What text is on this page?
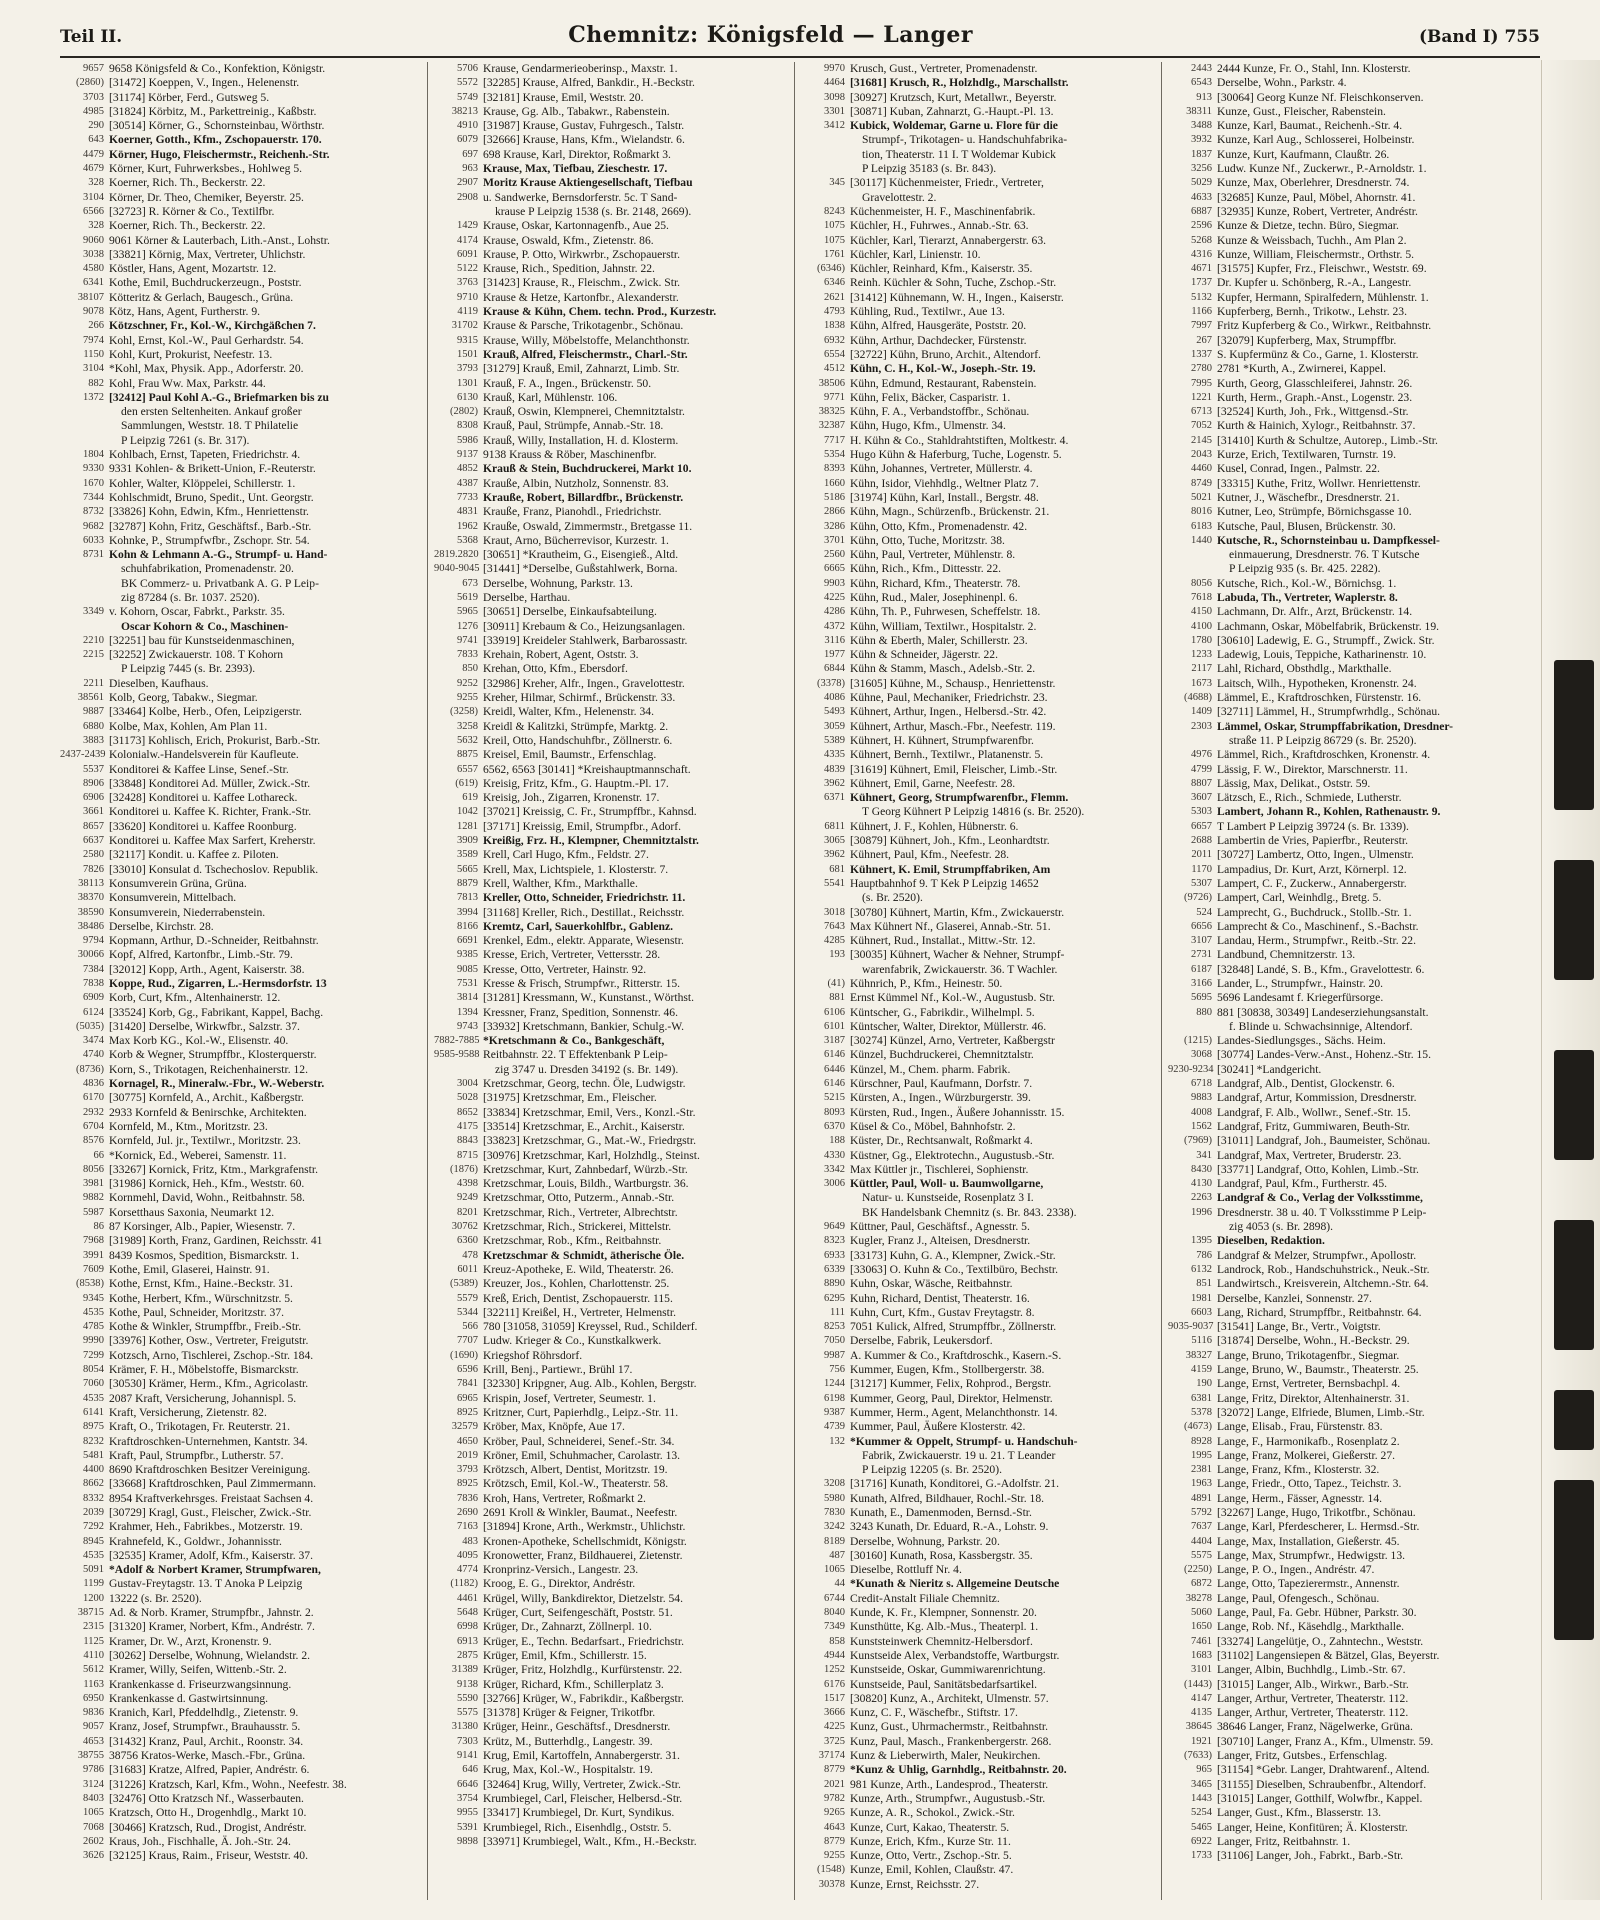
Teil II.	Chemnitz: Königsfeld — Langer	(Band I) 755
9657 9658 Königsfeld & Co., Konfektion, Königstr.
(2860) [31472] Koeppen, V., Ingen., Helenenstr.
3703 [31174] Körber, Ferd., Gutsweg 5.
4985 [31824] Körbitz, M., Parkettreinig., Kaßbstr.
290 [30514] Körner, G., Schornsteinbau, Wörthstr.
643 Koerner, Gotth., Kfm., Zschopauerstr. 170.
4479 Körner, Hugo, Fleischermstr., Reichenh.-Str.
4679 Körner, Kurt, Fuhrwerksbes., Hohlweg 5.
328 Koerner, Rich. Th., Beckerstr. 22.
3104 Körner, Dr. Theo, Chemiker, Beyerstr. 25.
6566 [32723] R. Körner & Co., Textilfbr.
328 Koerner, Rich. Th., Beckerstr. 22.
9060 9061 Körner & Lauterbach, Lith.-Anst., Lohstr.
3038 [33821] Körnig, Max, Vertreter, Uhlichstr.
4580 Köstler, Hans, Agent, Mozartstr. 12.
6341 Kothe, Emil, Buchdruckerzeugn., Poststr.
38107 Kötteritz & Gerlach, Baugesch., Grüna.
9078 Kötz, Hans, Agent, Furtherstr. 9.
266 Kötzschner, Fr., Kol.-W., Kirchgäßchen 7.
7974 Kohl, Ernst, Kol.-W., Paul Gerhardstr. 54.
1150 Kohl, Kurt, Prokurist, Neefestr. 13.
3104 *Kohl, Max, Physik. App., Adorferstr. 20.
882 Kohl, Frau Ww. Max, Parkstr. 44.
1372 [32412] Paul Kohl A.-G., Briefmarken bis zu
den ersten Seltenheiten. Ankauf großer
Sammlungen, Weststr. 18. T Philatelie
P Leipzig 7261 (s. Br. 317).
1804 Kohlbach, Ernst, Tapeten, Friedrichstr. 4.
9330 9331 Kohlen- & Brikett-Union, F.-Reuterstr.
1670 Kohler, Walter, Klöppelei, Schillerstr. 1.
7344 Kohlschmidt, Bruno, Spedit., Unt. Georgstr.
8732 [33826] Kohn, Edwin, Kfm., Henriettenstr.
9682 [32787] Kohn, Fritz, Geschäftsf., Barb.-Str.
6033 Kohnke, P., Strumpfwfbr., Zschopr. Str. 54.
8731 Kohn & Lehmann A.-G., Strumpf- u. Hand-
schuhfabrikation, Promenadenstr. 20.
BK Commerz- u. Privatbank A. G. P Leip-
zig 87284 (s. Br. 1037. 2520).
3349 v. Kohorn, Oscar, Fabrkt., Parkstr. 35.
Oscar Kohorn & Co., Maschinen-
2210 [32251] bau für Kunstseidenmaschinen,
2215 [32252] Zwickauerstr. 108. T Kohorn
P Leipzig 7445 (s. Br. 2393).
2211 Dieselben, Kaufhaus.
38561 Kolb, Georg, Tabakw., Siegmar.
9887 [33464] Kolbe, Herb., Ofen, Leipzigerstr.
6880 Kolbe, Max, Kohlen, Am Plan 11.
3883 [31173] Kohlisch, Erich, Prokurist, Barb.-Str.
2437-2439 Kolonialw.-Handelsverein für Kaufleute.
5537 Konditorei & Kaffee Linse, Senef.-Str.
8906 [33848] Konditorei Ad. Müller, Zwick.-Str.
6906 [32428] Konditorei u. Kaffee Lothareck.
3661 Konditorei u. Kaffee K. Richter, Frank.-Str.
8657 [33620] Konditorei u. Kaffee Roonburg.
6637 Konditorei u. Kaffee Max Sarfert, Kreherstr.
2580 [32117] Kondit. u. Kaffee z. Piloten.
7826 [33010] Konsulat d. Tschechoslov. Republik.
38113 Konsumverein Grüna, Grüna.
38370 Konsumverein, Mittelbach.
38590 Konsumverein, Niederrabenstein.
38486 Derselbe, Kirchstr. 28.
9794 Kopmann, Arthur, D.-Schneider, Reitbahnstr.
30066 Kopf, Alfred, Kartonfbr., Limb.-Str. 79.
7384 [32012] Kopp, Arth., Agent, Kaiserstr. 38.
7838 Koppe, Rud., Zigarren, L.-Hermsdorfstr. 13
6909 Korb, Curt, Kfm., Altenhainerstr. 12.
6124 [33524] Korb, Gg., Fabrikant, Kappel, Bachg.
(5035) [31420] Derselbe, Wirkwfbr., Salzstr. 37.
3474 Max Korb KG., Kol.-W., Elisenstr. 40.
4740 Korb & Wegner, Strumpffbr., Klosterquerstr.
(8736) Korn, S., Trikotagen, Reichenhainerstr. 12.
4836 Kornagel, R., Mineralw.-Fbr., W.-Weberstr.
6170 [30775] Kornfeld, A., Archit., Kaßbergstr.
2932 2933 Kornfeld & Benirschke, Architekten.
6704 Kornfeld, M., Ktm., Moritzstr. 23.
8576 Kornfeld, Jul. jr., Textilwr., Moritzstr. 23.
66 *Kornick, Ed., Weberei, Samenstr. 11.
8056 [33267] Kornick, Fritz, Ktm., Markgrafenstr.
3981 [31986] Kornick, Heh., Kfm., Weststr. 60.
9882 Kornmehl, David, Wohn., Reitbahnstr. 58.
5987 Korsetthaus Saxonia, Neumarkt 12.
86 87 Korsinger, Alb., Papier, Wiesenstr. 7.
7968 [31989] Korth, Franz, Gardinen, Reichsstr. 41
3991 8439 Kosmos, Spedition, Bismarckstr. 1.
7609 Kothe, Emil, Glaserei, Hainstr. 91.
(8538) Kothe, Ernst, Kfm., Haine.-Beckstr. 31.
9345 Kothe, Herbert, Kfm., Würschnitzstr. 5.
4535 Kothe, Paul, Schneider, Moritzstr. 37.
4785 Kothe & Winkler, Strumpffbr., Freib.-Str.
9990 [33976] Kother, Osw., Vertreter, Freigutstr.
7299 Kotzsch, Arno, Tischlerei, Zschop.-Str. 184.
8054 Krämer, F. H., Möbelstoffe, Bismarckstr.
7060 [30530] Krämer, Herm., Kfm., Agricolastr.
4535 2087 Kraft, Versicherung, Johannispl. 5.
6141 Kraft, Versicherung, Zietenstr. 82.
8975 Kraft, O., Trikotagen, Fr. Reuterstr. 21.
8232 Kraftdroschken-Unternehmen, Kantstr. 34.
5481 Kraft, Paul, Strumpfbr., Lutherstr. 57.
4400 8690 Kraftdroschken Besitzer Vereinigung.
8662 [33668] Kraftdroschken, Paul Zimmermann.
8332 8954 Kraftverkehrsges. Freistaat Sachsen 4.
2039 [30729] Kragl, Gust., Fleischer, Zwick.-Str.
7292 Krahmer, Heh., Fabrikbes., Motzerstr. 19.
8945 Krahnefeld, K., Goldwr., Johannisstr.
4535 [32535] Kramer, Adolf, Kfm., Kaiserstr. 37.
5091 *Adolf & Norbert Kramer, Strumpfwaren,
1199 Gustav-Freytagstr. 13. T Anoka P Leipzig
1200 13222 (s. Br. 2520).
38715 Ad. & Norb. Kramer, Strumpfbr., Jahnstr. 2.
2315 [31320] Kramer, Norbert, Kfm., Andréstr. 7.
1125 Kramer, Dr. W., Arzt, Kronenstr. 9.
4110 [30262] Derselbe, Wohnung, Wielandstr. 2.
5612 Kramer, Willy, Seifen, Wittenb.-Str. 2.
1163 Krankenkasse d. Friseurzwangsinnung.
6950 Krankenkasse d. Gastwirtsinnung.
9836 Kranich, Karl, Pfeddelhdlg., Zietenstr. 9.
9057 Kranz, Josef, Strumpfwr., Brauhausstr. 5.
4653 [31432] Kranz, Paul, Archit., Roonstr. 34.
38755 38756 Kratos-Werke, Masch.-Fbr., Grüna.
9786 [31683] Kratze, Alfred, Papier, Andréstr. 6.
3124 [31226] Kratzsch, Karl, Kfm., Wohn., Neefestr. 38.
8403 [32476] Otto Kratzsch Nf., Wasserbauten.
1065 Kratzsch, Otto H., Drogenhdlg., Markt 10.
7068 [30466] Kratzsch, Rud., Drogist, Andréstr.
2602 Kraus, Joh., Fischhalle, Ä. Joh.-Str. 24.
3626 [32125] Kraus, Raim., Friseur, Weststr. 40.
5706 Krause, Gendarmerieoberinsp., Maxstr. 1.
5572 [32285] Krause, Alfred, Bankdir., H.-Beckstr.
5749 [32181] Krause, Emil, Weststr. 20.
38213 Krause, Gg. Alb., Tabakwr., Rabenstein.
4910 [31987] Krause, Gustav, Fuhrgesch., Talstr.
6079 [32666] Krause, Hans, Kfm., Wielandstr. 6.
697 698 Krause, Karl, Direktor, Roßmarkt 3.
963 Krause, Max, Tiefbau, Zieschestr. 17.
2907 Moritz Krause Aktiengesellschaft, Tiefbau
2908 u. Sandwerke, Bernsdorferstr. 5c. T Sand-
krause P Leipzig 1538 (s. Br. 2148, 2669).
1429 Krause, Oskar, Kartonnagenfb., Aue 25.
4174 Krause, Oswald, Kfm., Zietenstr. 86.
6091 Krause, P. Otto, Wirkwrbr., Zschopauerstr.
5122 Krause, Rich., Spedition, Jahnstr. 22.
3763 [31423] Krause, R., Fleischm., Zwick. Str.
9710 Krause & Hetze, Kartonfbr., Alexanderstr.
4119 Krause & Kühn, Chem. techn. Prod., Kurzestr.
31702 Krause & Parsche, Trikotagenbr., Schönau.
9315 Krause, Willy, Möbelstoffe, Melanchthonstr.
1501 Krauß, Alfred, Fleischermstr., Charl.-Str.
3793 [31279] Krauß, Emil, Zahnarzt, Limb. Str.
1301 Krauß, F. A., Ingen., Brückenstr. 50.
6130 Krauß, Karl, Mühlenstr. 106.
(2802) Krauß, Oswin, Klempnerei, Chemnitztalstr.
8308 Krauß, Paul, Strümpfe, Annab.-Str. 18.
5986 Krauß, Willy, Installation, H. d. Klosterm.
9137 9138 Krauss & Röber, Maschinenfbr.
4852 Krauß & Stein, Buchdruckerei, Markt 10.
4387 Krauße, Albin, Nutzholz, Sonnenstr. 83.
7733 Krauße, Robert, Billardfbr., Brückenstr.
4831 Krauße, Franz, Pianohdl., Friedrichstr.
1962 Krauße, Oswald, Zimmermstr., Bretgasse 11.
5368 Kraut, Arno, Bücherrevisor, Kurzestr. 1.
2819.2820 [30651] *Krautheim, G., Eisengieß., Altd.
9040-9045 [31441] *Derselbe, Gußstahlwerk, Borna.
673 Derselbe, Wohnung, Parkstr. 13.
5619 Derselbe, Harthau.
5965 [30651] Derselbe, Einkaufsabteilung.
1276 [30911] Krebaum & Co., Heizungsanlagen.
9741 [33919] Kreideler Stahlwerk, Barbarossastr.
7833 Krehain, Robert, Agent, Oststr. 3.
850 Krehan, Otto, Kfm., Ebersdorf.
9252 [32986] Kreher, Alfr., Ingen., Gravelottestr.
9255 Kreher, Hilmar, Schirmf., Brückenstr. 33.
(3258) Kreidl, Walter, Kfm., Helenenstr. 34.
3258 Kreidl & Kalitzki, Strümpfe, Marktg. 2.
5632 Kreil, Otto, Handschuhfbr., Zöllnerstr. 6.
8875 Kreisel, Emil, Baumstr., Erfenschlag.
6557 6562, 6563 [30141] *Kreishauptmannschaft.
(619) Kreisig, Fritz, Kfm., G. Hauptm.-Pl. 17.
619 Kreisig, Joh., Zigarren, Kronenstr. 17.
1042 [37021] Kreissig, C. Fr., Strumpffbr., Kahnsd.
1281 [37171] Kreissig, Emil, Strumpfbr., Adorf.
3909 Kreißig, Frz. H., Klempner, Chemnitztalstr.
3589 Krell, Carl Hugo, Kfm., Feldstr. 27.
5665 Krell, Max, Lichtspiele, 1. Klosterstr. 7.
8879 Krell, Walther, Kfm., Markthalle.
7813 Kreller, Otto, Schneider, Friedrichstr. 11.
3994 [31168] Kreller, Rich., Destillat., Reichsstr.
8166 Kremtz, Carl, Sauerkohlfbr., Gablenz.
6691 Krenkel, Edm., elektr. Apparate, Wiesenstr.
9385 Kresse, Erich, Vertreter, Vettersstr. 28.
9085 Kresse, Otto, Vertreter, Hainstr. 92.
7531 Kresse & Frisch, Strumpfwr., Ritterstr. 15.
3814 [31281] Kressmann, W., Kunstanst., Wörthst.
1394 Kressner, Franz, Spedition, Sonnenstr. 46.
9743 [33932] Kretschmann, Bankier, Schulg.-W.
7882-7885 *Kretschmann & Co., Bankgeschäft,
9585-9588 Reitbahnstr. 22. T Effektenbank P Leip-
zig 3747 u. Dresden 34192 (s. Br. 149).
3004 Kretzschmar, Georg, techn. Öle, Ludwigstr.
5028 [31975] Kretzschmar, Em., Fleischer.
8652 [33834] Kretzschmar, Emil, Vers., Konzl.-Str.
4175 [33514] Kretzschmar, E., Archit., Kaiserstr.
8843 [33823] Kretzschmar, G., Mat.-W., Friedrgstr.
8715 [30976] Kretzschmar, Karl, Holzhdlg., Steinst.
(1876) Kretzschmar, Kurt, Zahnbedarf, Würzb.-Str.
4398 Kretzschmar, Louis, Bildh., Wartburgstr. 36.
9249 Kretzschmar, Otto, Putzerm., Annab.-Str.
8201 Kretzschmar, Rich., Vertreter, Albrechtstr.
30762 Kretzschmar, Rich., Strickerei, Mittelstr.
6360 Kretzschmar, Rob., Kfm., Reitbahnstr.
478 Kretzschmar & Schmidt, ätherische Öle.
6011 Kreuz-Apotheke, E. Wild, Theaterstr. 26.
(5389) Kreuzer, Jos., Kohlen, Charlottenstr. 25.
5579 Kreß, Erich, Dentist, Zschopauerstr. 115.
5344 [32211] Kreißel, H., Vertreter, Helmenstr.
566 780 [31058, 31059] Kreyssel, Rud., Schilderf.
7707 Ludw. Krieger & Co., Kunstkalkwerk.
(1690) Kriegshof Röhrsdorf.
6596 Krill, Benj., Partiewr., Brühl 17.
7841 [32330] Kripgner, Aug. Alb., Kohlen, Bergstr.
6965 Krispin, Josef, Vertreter, Seumestr. 1.
8925 Kritzner, Curt, Papierhdlg., Leipz.-Str. 11.
32579 Kröber, Max, Knöpfe, Aue 17.
4650 Kröber, Paul, Schneiderei, Senef.-Str. 34.
2019 Kröner, Emil, Schuhmacher, Carolastr. 13.
3793 Krötzsch, Albert, Dentist, Moritzstr. 19.
8925 Krötzsch, Emil, Kol.-W., Theaterstr. 58.
7836 Kroh, Hans, Vertreter, Roßmarkt 2.
2690 2691 Kroll & Winkler, Baumat., Neefestr.
7163 [31894] Krone, Arth., Werkmstr., Uhlichstr.
483 Kronen-Apotheke, Schellschmidt, Königstr.
4095 Kronowetter, Franz, Bildhauerei, Zietenstr.
4774 Kronprinz-Versich., Langestr. 23.
(1182) Kroog, E. G., Direktor, Andréstr.
4461 Krügel, Willy, Bankdirektor, Dietzelstr. 54.
5648 Krüger, Curt, Seifengeschäft, Poststr. 51.
6998 Krüger, Dr., Zahnarzt, Zöllnerpl. 10.
6913 Krüger, E., Techn. Bedarfsart., Friedrichstr.
2875 Krüger, Emil, Kfm., Schillerstr. 15.
31389 Krüger, Fritz, Holzhdlg., Kurfürstenstr. 22.
9138 Krüger, Richard, Kfm., Schillerplatz 3.
5590 [32766] Krüger, W., Fabrikdir., Kaßbergstr.
5575 [31378] Krüger & Feigner, Trikotfbr.
31380 Krüger, Heinr., Geschäftsf., Dresdnerstr.
7303 Krütz, M., Butterhdlg., Langestr. 39.
9141 Krug, Emil, Kartoffeln, Annabergerstr. 31.
646 Krug, Max, Kol.-W., Hospitalstr. 19.
6646 [32464] Krug, Willy, Vertreter, Zwick.-Str.
3754 Krumbiegel, Carl, Fleischer, Helbersd.-Str.
9955 [33417] Krumbiegel, Dr. Kurt, Syndikus.
5391 Krumbiegel, Rich., Eisenhdlg., Oststr. 5.
9898 [33971] Krumbiegel, Walt., Kfm., H.-Beckstr.
9970 Krusch, Gust., Vertreter, Promenadenstr.
4464 [31681] Krusch, R., Holzhdlg., Marschallstr.
3098 [30927] Krutzsch, Kurt, Metallwr., Beyerstr.
3301 [30871] Kuban, Zahnarzt, G.-Haupt.-Pl. 13.
3412 Kubick, Woldemar, Garne u. Flore für die
Strumpf-, Trikotagen- u. Handschuhfabrika-
tion, Theaterstr. 11 I. T Woldemar Kubick
P Leipzig 35183 (s. Br. 843).
345 [30117] Küchenmeister, Friedr., Vertreter,
Gravelottestr. 2.
8243 Küchenmeister, H. F., Maschinenfabrik.
1075 Küchler, H., Fuhrwes., Annab.-Str. 63.
1075 Küchler, Karl, Tierarzt, Annabergerstr. 63.
1761 Küchler, Karl, Linienstr. 10.
(6346) Küchler, Reinhard, Kfm., Kaiserstr. 35.
6346 Reinh. Küchler & Sohn, Tuche, Zschop.-Str.
2621 [31412] Kühnemann, W. H., Ingen., Kaiserstr.
4793 Kühling, Rud., Textilwr., Aue 13.
1838 Kühn, Alfred, Hausgeräte, Poststr. 20.
6932 Kühn, Arthur, Dachdecker, Fürstenstr.
6554 [32722] Kühn, Bruno, Archit., Altendorf.
4512 Kühn, C. H., Kol.-W., Joseph.-Str. 19.
38506 Kühn, Edmund, Restaurant, Rabenstein.
9771 Kühn, Felix, Bäcker, Casparistr. 1.
38325 Kühn, F. A., Verbandstoffbr., Schönau.
32387 Kühn, Hugo, Kfm., Ulmenstr. 34.
7717 H. Kühn & Co., Stahldrahtstiften, Moltkestr. 4.
5354 Hugo Kühn & Haferburg, Tuche, Logenstr. 5.
8393 Kühn, Johannes, Vertreter, Müllerstr. 4.
1660 Kühn, Isidor, Viehhdlg., Weltner Platz 7.
5186 [31974] Kühn, Karl, Install., Bergstr. 48.
2866 Kühn, Magn., Schürzenfb., Brückenstr. 21.
3286 Kühn, Otto, Kfm., Promenadenstr. 42.
3701 Kühn, Otto, Tuche, Moritzstr. 38.
2560 Kühn, Paul, Vertreter, Mühlenstr. 8.
6665 Kühn, Rich., Kfm., Dittesstr. 22.
9903 Kühn, Richard, Kfm., Theaterstr. 78.
4225 Kühn, Rud., Maler, Josephinenpl. 6.
4286 Kühn, Th. P., Fuhrwesen, Scheffelstr. 18.
4372 Kühn, William, Textilwr., Hospitalstr. 2.
3116 Kühn & Eberth, Maler, Schillerstr. 23.
1977 Kühn & Schneider, Jägerstr. 22.
6844 Kühn & Stamm, Masch., Adelsb.-Str. 2.
(3378) [31605] Kühne, M., Schausp., Henriettenstr.
4086 Kühne, Paul, Mechaniker, Friedrichstr. 23.
5493 Kühnert, Arthur, Ingen., Helbersd.-Str. 42.
3059 Kühnert, Arthur, Masch.-Fbr., Neefestr. 119.
5389 Kühnert, H. Kühnert, Strumpfwarenfbr.
4335 Kühnert, Bernh., Textilwr., Platanenstr. 5.
4839 [31619] Kühnert, Emil, Fleischer, Limb.-Str.
3962 Kühnert, Emil, Garne, Neefestr. 28.
6371 Kühnert, Georg, Strumpfwarenfbr., Flemm.
T Georg Kühnert P Leipzig 14816 (s. Br. 2520).
6811 Kühnert, J. F., Kohlen, Hübnerstr. 6.
3065 [30879] Kühnert, Joh., Kfm., Leonhardtstr.
3962 Kühnert, Paul, Kfm., Neefestr. 28.
681 Kühnert, K. Emil, Strumpffabriken, Am
5541 Hauptbahnhof 9. T Kek P Leipzig 14652
(s. Br. 2520).
3018 [30780] Kühnert, Martin, Kfm., Zwickauerstr.
7643 Max Kühnert Nf., Glaserei, Annab.-Str. 51.
4285 Kühnert, Rud., Installat., Mittw.-Str. 12.
193 [30035] Kühnert, Wacher & Nehner, Strumpf-
warenfabrik, Zwickauerstr. 36. T Wachler.
(41) Kühnrich, P., Kfm., Heinestr. 50.
881 Ernst Kümmel Nf., Kol.-W., Augustusb. Str.
6106 Küntscher, G., Fabrikdir., Wilhelmpl. 5.
6101 Küntscher, Walter, Direktor, Müllerstr. 46.
3187 [30274] Künzel, Arno, Vertreter, Kaßbergstr
6146 Künzel, Buchdruckerei, Chemnitztalstr.
6446 Künzel, M., Chem. pharm. Fabrik.
6146 Kürschner, Paul, Kaufmann, Dorfstr. 7.
5215 Kürsten, A., Ingen., Würzburgerstr. 39.
8093 Kürsten, Rud., Ingen., Äußere Johannisstr. 15.
6370 Küsel & Co., Möbel, Bahnhofstr. 2.
188 Küster, Dr., Rechtsanwalt, Roßmarkt 4.
4330 Küstner, Gg., Elektrotechn., Augustusb.-Str.
3342 Max Küttler jr., Tischlerei, Sophienstr.
3006 Küttler, Paul, Woll- u. Baumwollgarne,
Natur- u. Kunstseide, Rosenplatz 3 I.
BK Handelsbank Chemnitz (s. Br. 843. 2338).
9649 Küttner, Paul, Geschäftsf., Agnesstr. 5.
8323 Kugler, Franz J., Alteisen, Dresdnerstr.
6933 [33173] Kuhn, G. A., Klempner, Zwick.-Str.
6339 [33063] O. Kuhn & Co., Textilbüro, Bechstr.
8890 Kuhn, Oskar, Wäsche, Reitbahnstr.
6295 Kuhn, Richard, Dentist, Theaterstr. 16.
111 Kuhn, Curt, Kfm., Gustav Freytagstr. 8.
8253 7051 Kulick, Alfred, Strumpffbr., Zöllnerstr.
7050 Derselbe, Fabrik, Leukersdorf.
9987 A. Kummer & Co., Kraftdroschk., Kasern.-S.
756 Kummer, Eugen, Kfm., Stollbergerstr. 38.
1244 [31217] Kummer, Felix, Rohprod., Bergstr.
6198 Kummer, Georg, Paul, Direktor, Helmenstr.
9387 Kummer, Herm., Agent, Melanchthonstr. 14.
4739 Kummer, Paul, Äußere Klosterstr. 42.
132 *Kummer & Oppelt, Strumpf- u. Handschuh-
Fabrik, Zwickauerstr. 19 u. 21. T Leander
P Leipzig 12205 (s. Br. 2520).
3208 [31716] Kunath, Konditorei, G.-Adolfstr. 21.
5980 Kunath, Alfred, Bildhauer, Rochl.-Str. 18.
7830 Kunath, E., Damenmoden, Bernsd.-Str.
3242 3243 Kunath, Dr. Eduard, R.-A., Lohstr. 9.
8189 Derselbe, Wohnung, Parkstr. 20.
487 [30160] Kunath, Rosa, Kassbergstr. 35.
1065 Dieselbe, Rottluff Nr. 4.
44 *Kunath & Nieritz s. Allgemeine Deutsche
6744 Credit-Anstalt Filiale Chemnitz.
8040 Kunde, K. Fr., Klempner, Sonnenstr. 20.
7349 Kunsthütte, Kg. Alb.-Mus., Theaterpl. 1.
858 Kunststeinwerk Chemnitz-Helbersdorf.
4944 Kunstseide Alex, Verbandstoffe, Wartburgstr.
1252 Kunstseide, Oskar, Gummiwarenrichtung.
6176 Kunstseide, Paul, Sanitätsbedarfsartikel.
1517 [30820] Kunz, A., Architekt, Ulmenstr. 57.
3666 Kunz, C. F., Wäschefbr., Stiftstr. 17.
4225 Kunz, Gust., Uhrmachermstr., Reitbahnstr.
3725 Kunz, Paul, Masch., Frankenbergerstr. 268.
37174 Kunz & Lieberwirth, Maler, Neukirchen.
8779 *Kunz & Uhlig, Garnhdlg., Reitbahnstr. 20.
2021 981 Kunze, Arth., Landesprod., Theaterstr.
9782 Kunze, Arth., Strumpfwr., Augustusb.-Str.
9265 Kunze, A. R., Schokol., Zwick.-Str.
4643 Kunze, Curt, Kakao, Theaterstr. 5.
8779 Kunze, Erich, Kfm., Kurze Str. 11.
9255 Kunze, Otto, Vertr., Zschop.-Str. 5.
(1548) Kunze, Emil, Kohlen, Claußstr. 47.
30378 Kunze, Ernst, Reichsstr. 27.
2443 2444 Kunze, Fr. O., Stahl, Inn. Klosterstr.
6543 Derselbe, Wohn., Parkstr. 4.
913 [30064] Georg Kunze Nf. Fleischkonserven.
38311 Kunze, Gust., Fleischer, Rabenstein.
3488 Kunze, Karl, Baumat., Reichenh.-Str. 4.
3932 Kunze, Karl Aug., Schlosserei, Holbeinstr.
1837 Kunze, Kurt, Kaufmann, Claußtr. 26.
3256 Ludw. Kunze Nf., Zuckerwr., P.-Arnoldstr. 1.
5029 Kunze, Max, Oberlehrer, Dresdnerstr. 74.
4633 [32685] Kunze, Paul, Möbel, Ahornstr. 41.
6887 [32935] Kunze, Robert, Vertreter, Andréstr.
2596 Kunze & Dietze, techn. Büro, Siegmar.
5268 Kunze & Weissbach, Tuchh., Am Plan 2.
4316 Kunze, William, Fleischermstr., Orthstr. 5.
4671 [31575] Kupfer, Frz., Fleischwr., Weststr. 69.
1737 Dr. Kupfer u. Schönberg, R.-A., Langestr.
5132 Kupfer, Hermann, Spiralfedern, Mühlenstr. 1.
1166 Kupferberg, Bernh., Trikotw., Lehstr. 23.
7997 Fritz Kupferberg & Co., Wirkwr., Reitbahnstr.
267 [32079] Kupferberg, Max, Strumpffbr.
1337 S. Kupfermünz & Co., Garne, 1. Klosterstr.
2780 2781 *Kurth, A., Zwirnerei, Kappel.
7995 Kurth, Georg, Glasschleiferei, Jahnstr. 26.
1221 Kurth, Herm., Graph.-Anst., Logenstr. 23.
6713 [32524] Kurth, Joh., Frk., Wittgensd.-Str.
7052 Kurth & Hainich, Xylogr., Reitbahnstr. 37.
2145 [31410] Kurth & Schultze, Autorep., Limb.-Str.
2043 Kurze, Erich, Textilwaren, Turnstr. 19.
4460 Kusel, Conrad, Ingen., Palmstr. 22.
8749 [33315] Kuthe, Fritz, Wollwr. Henriettenstr.
5021 Kutner, J., Wäschefbr., Dresdnerstr. 21.
8016 Kutner, Leo, Strümpfe, Börnichsgasse 10.
6183 Kutsche, Paul, Blusen, Brückenstr. 30.
1440 Kutsche, R., Schornsteinbau u. Dampfkessel-
einmauerung, Dresdnerstr. 76. T Kutsche
P Leipzig 935 (s. Br. 425. 2282).
8056 Kutsche, Rich., Kol.-W., Börnichsg. 1.
7618 Labuda, Th., Vertreter, Waplerstr. 8.
4150 Lachmann, Dr. Alfr., Arzt, Brückenstr. 14.
4100 Lachmann, Oskar, Möbelfabrik, Brückenstr. 19.
1780 [30610] Ladewig, E. G., Strumpff., Zwick. Str.
1233 Ladewig, Louis, Teppiche, Katharinenstr. 10.
2117 Lahl, Richard, Obsthdlg., Markthalle.
1673 Laitsch, Wilh., Hypotheken, Kronenstr. 24.
(4688) Lämmel, E., Kraftdroschken, Fürstenstr. 16.
1409 [32711] Lämmel, H., Strumpfwrhdlg., Schönau.
2303 Lämmel, Oskar, Strumpffabrikation, Dresdner-
straße 11. P Leipzig 86729 (s. Br. 2520).
4976 Lämmel, Rich., Kraftdroschken, Kronenstr. 4.
4799 Lässig, F. W., Direktor, Marschnerstr. 11.
8807 Lässig, Max, Delikat., Oststr. 59.
3607 Lätzsch, E., Rich., Schmiede, Lutherstr.
5303 Lambert, Johann R., Kohlen, Rathenaustr. 9.
6657 T Lambert P Leipzig 39724 (s. Br. 1339).
2688 Lambertin de Vries, Papierfbr., Reuterstr.
2011 [30727] Lambertz, Otto, Ingen., Ulmenstr.
1170 Lampadius, Dr. Kurt, Arzt, Körnerpl. 12.
5307 Lampert, C. F., Zuckerw., Annabergerstr.
(9726) Lampert, Carl, Weinhdlg., Bretg. 5.
524 Lamprecht, G., Buchdruck., Stollb.-Str. 1.
6656 Lamprecht & Co., Maschinenf., S.-Bachstr.
3107 Landau, Herm., Strumpfwr., Reitb.-Str. 22.
2731 Landbund, Chemnitzerstr. 13.
6187 [32848] Landé, S. B., Kfm., Gravelottestr. 6.
3166 Lander, L., Strumpfwr., Hainstr. 20.
5695 5696 Landesamt f. Kriegerfürsorge.
880 881 [30838, 30349] Landeserziehungsanstalt.
f. Blinde u. Schwachsinnige, Altendorf.
(1215) Landes-Siedlungsges., Sächs. Heim.
3068 [30774] Landes-Verw.-Anst., Hohenz.-Str. 15.
9230-9234 [30241] *Landgericht.
6718 Landgraf, Alb., Dentist, Glockenstr. 6.
9883 Landgraf, Artur, Kommission, Dresdnerstr.
4008 Landgraf, F. Alb., Wollwr., Senef.-Str. 15.
1562 Landgraf, Fritz, Gummiwaren, Beuth-Str.
(7969) [31011] Landgraf, Joh., Baumeister, Schönau.
341 Landgraf, Max, Vertreter, Bruderstr. 23.
8430 [33771] Landgraf, Otto, Kohlen, Limb.-Str.
4130 Landgraf, Paul, Kfm., Furtherstr. 45.
2263 Landgraf & Co., Verlag der Volksstimme,
1996 Dresdnerstr. 38 u. 40. T Volksstimme P Leip-
zig 4053 (s. Br. 2898).
1395 Dieselben, Redaktion.
786 Landgraf & Melzer, Strumpfwr., Apollostr.
6132 Landrock, Rob., Handschuhstrick., Neuk.-Str.
851 Landwirtsch., Kreisverein, Altchemn.-Str. 64.
1981 Derselbe, Kanzlei, Sonnenstr. 27.
6603 Lang, Richard, Strumpffbr., Reitbahnstr. 64.
9035-9037 [31541] Lange, Br., Vertr., Voigtstr.
5116 [31874] Derselbe, Wohn., H.-Beckstr. 29.
38327 Lange, Bruno, Trikotagenfbr., Siegmar.
4159 Lange, Bruno, W., Baumstr., Theaterstr. 25.
190 Lange, Ernst, Vertreter, Bernsbachpl. 4.
6381 Lange, Fritz, Direktor, Altenhainerstr. 31.
5378 [32072] Lange, Elfriede, Blumen, Limb.-Str.
(4673) Lange, Elisab., Frau, Fürstenstr. 83.
8928 Lange, F., Harmonikafb., Rosenplatz 2.
1995 Lange, Franz, Molkerei, Gießerstr. 27.
2381 Lange, Franz, Kfm., Klosterstr. 32.
1963 Lange, Friedr., Otto, Tapez., Teichstr. 3.
4891 Lange, Herm., Fässer, Agnesstr. 14.
5792 [32267] Lange, Hugo, Trikotfbr., Schönau.
7637 Lange, Karl, Pferdescherer, L. Hermsd.-Str.
4404 Lange, Max, Installation, Gießerstr. 45.
5575 Lange, Max, Strumpfwr., Hedwigstr. 13.
(2250) Lange, P. O., Ingen., Andréstr. 47.
6872 Lange, Otto, Tapezierermstr., Annenstr.
38278 Lange, Paul, Ofengesch., Schönau.
5060 Lange, Paul, Fa. Gebr. Hübner, Parkstr. 30.
1650 Lange, Rob. Nf., Käsehdlg., Markthalle.
7461 [33274] Langelütje, O., Zahntechn., Weststr.
1683 [31102] Langensiepen & Bätzel, Glas, Beyerstr.
3101 Langer, Albin, Buchhdlg., Limb.-Str. 67.
(1443) [31015] Langer, Alb., Wirkwr., Barb.-Str.
4147 Langer, Arthur, Vertreter, Theaterstr. 112.
4135 Langer, Arthur, Vertreter, Theaterstr. 112.
38645 38646 Langer, Franz, Nägelwerke, Grüna.
1921 [30710] Langer, Franz A., Kfm., Ulmenstr. 59.
(7633) Langer, Fritz, Gutsbes., Erfenschlag.
965 [31154] *Gebr. Langer, Drahtwarenf., Altend.
3465 [31155] Dieselben, Schraubenfbr., Altendorf.
1443 [31015] Langer, Gotthilf, Wolwfbr., Kappel.
5254 Langer, Gust., Kfm., Blasserstr. 13.
5465 Langer, Heine, Konfitüren; Ä. Klosterstr.
6922 Langer, Fritz, Reitbahnstr. 1.
1733 [31106] Langer, Joh., Fabrkt., Barb.-Str.
